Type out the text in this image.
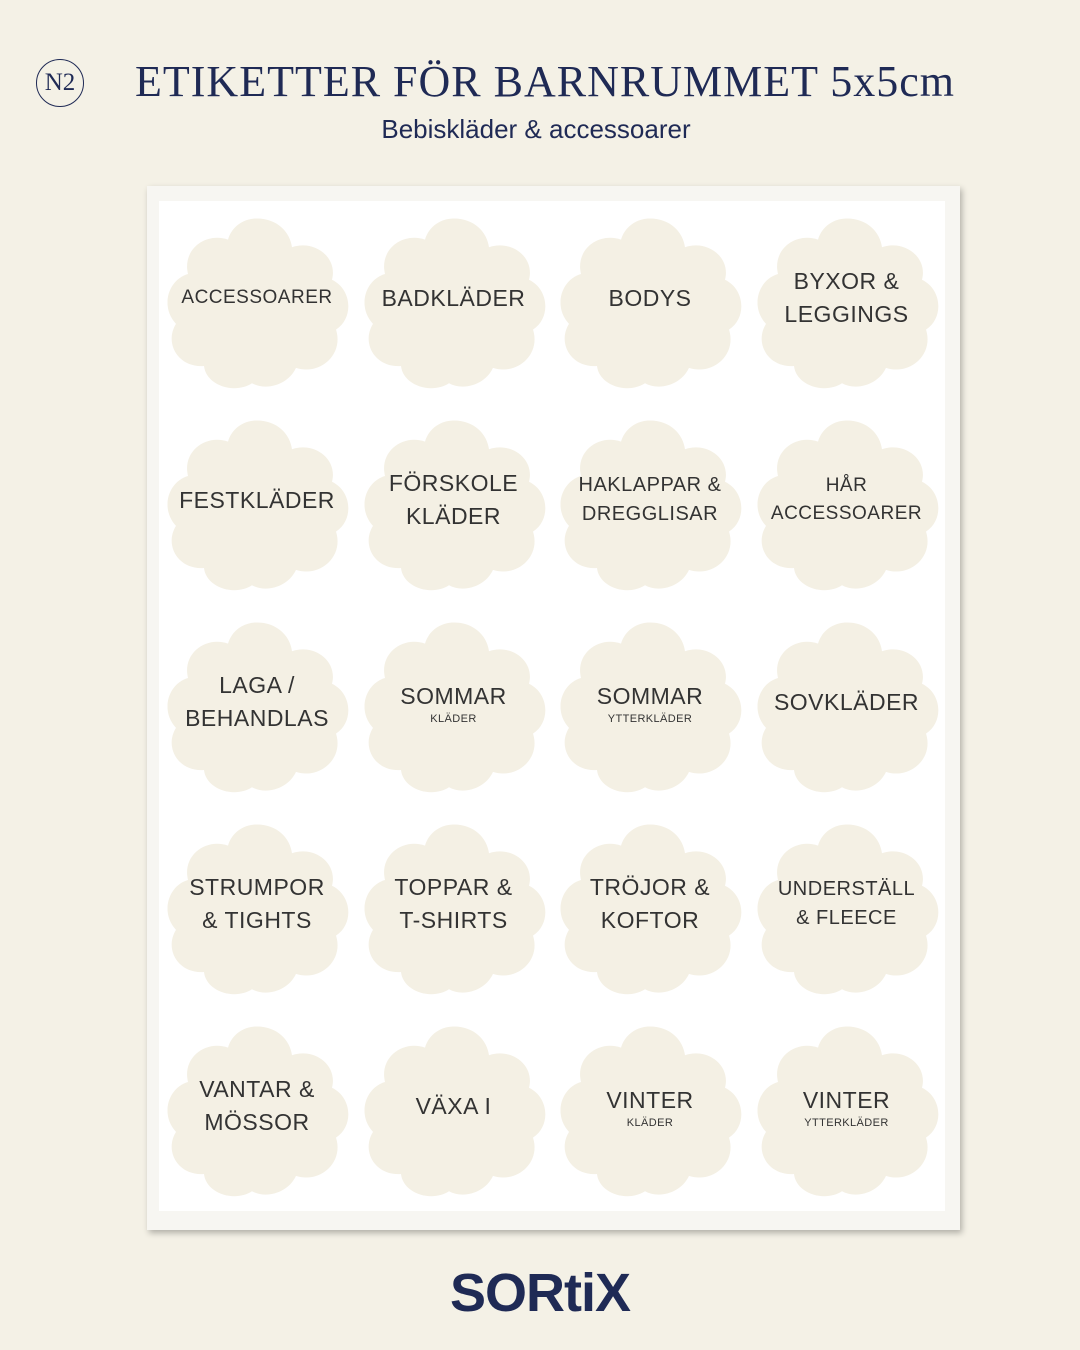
N2 ETIKETTER FÖR BARNRUMMET 5x5cm
Bebiskläder & accessoarer
ACCESSOARER BADKLÄDER	BODYS
BYXOR &
LEGGINGS
FESTKLÄDER
FÖRSKOLE
KLÄDER
HAKLAPPAR &
DREGGLISAR
HÅR
ACCESSOARER
LAGA /
BEHANDLAS
SOMMAR
KLÄDER
SOMMAR
YTTERKLÄDER
SOVKLÄDER
STRUMPOR
& TIGHTS
TOPPAR &
T-SHIRTS
TRÖJOR &
KOFTOR
UNDERSTÄLL
& FLEECE
VANTAR &
MÖSSOR
VÄXA I	VINTER
KLÄDER
VINTER
YTTERKLÄDER
SORtiX
